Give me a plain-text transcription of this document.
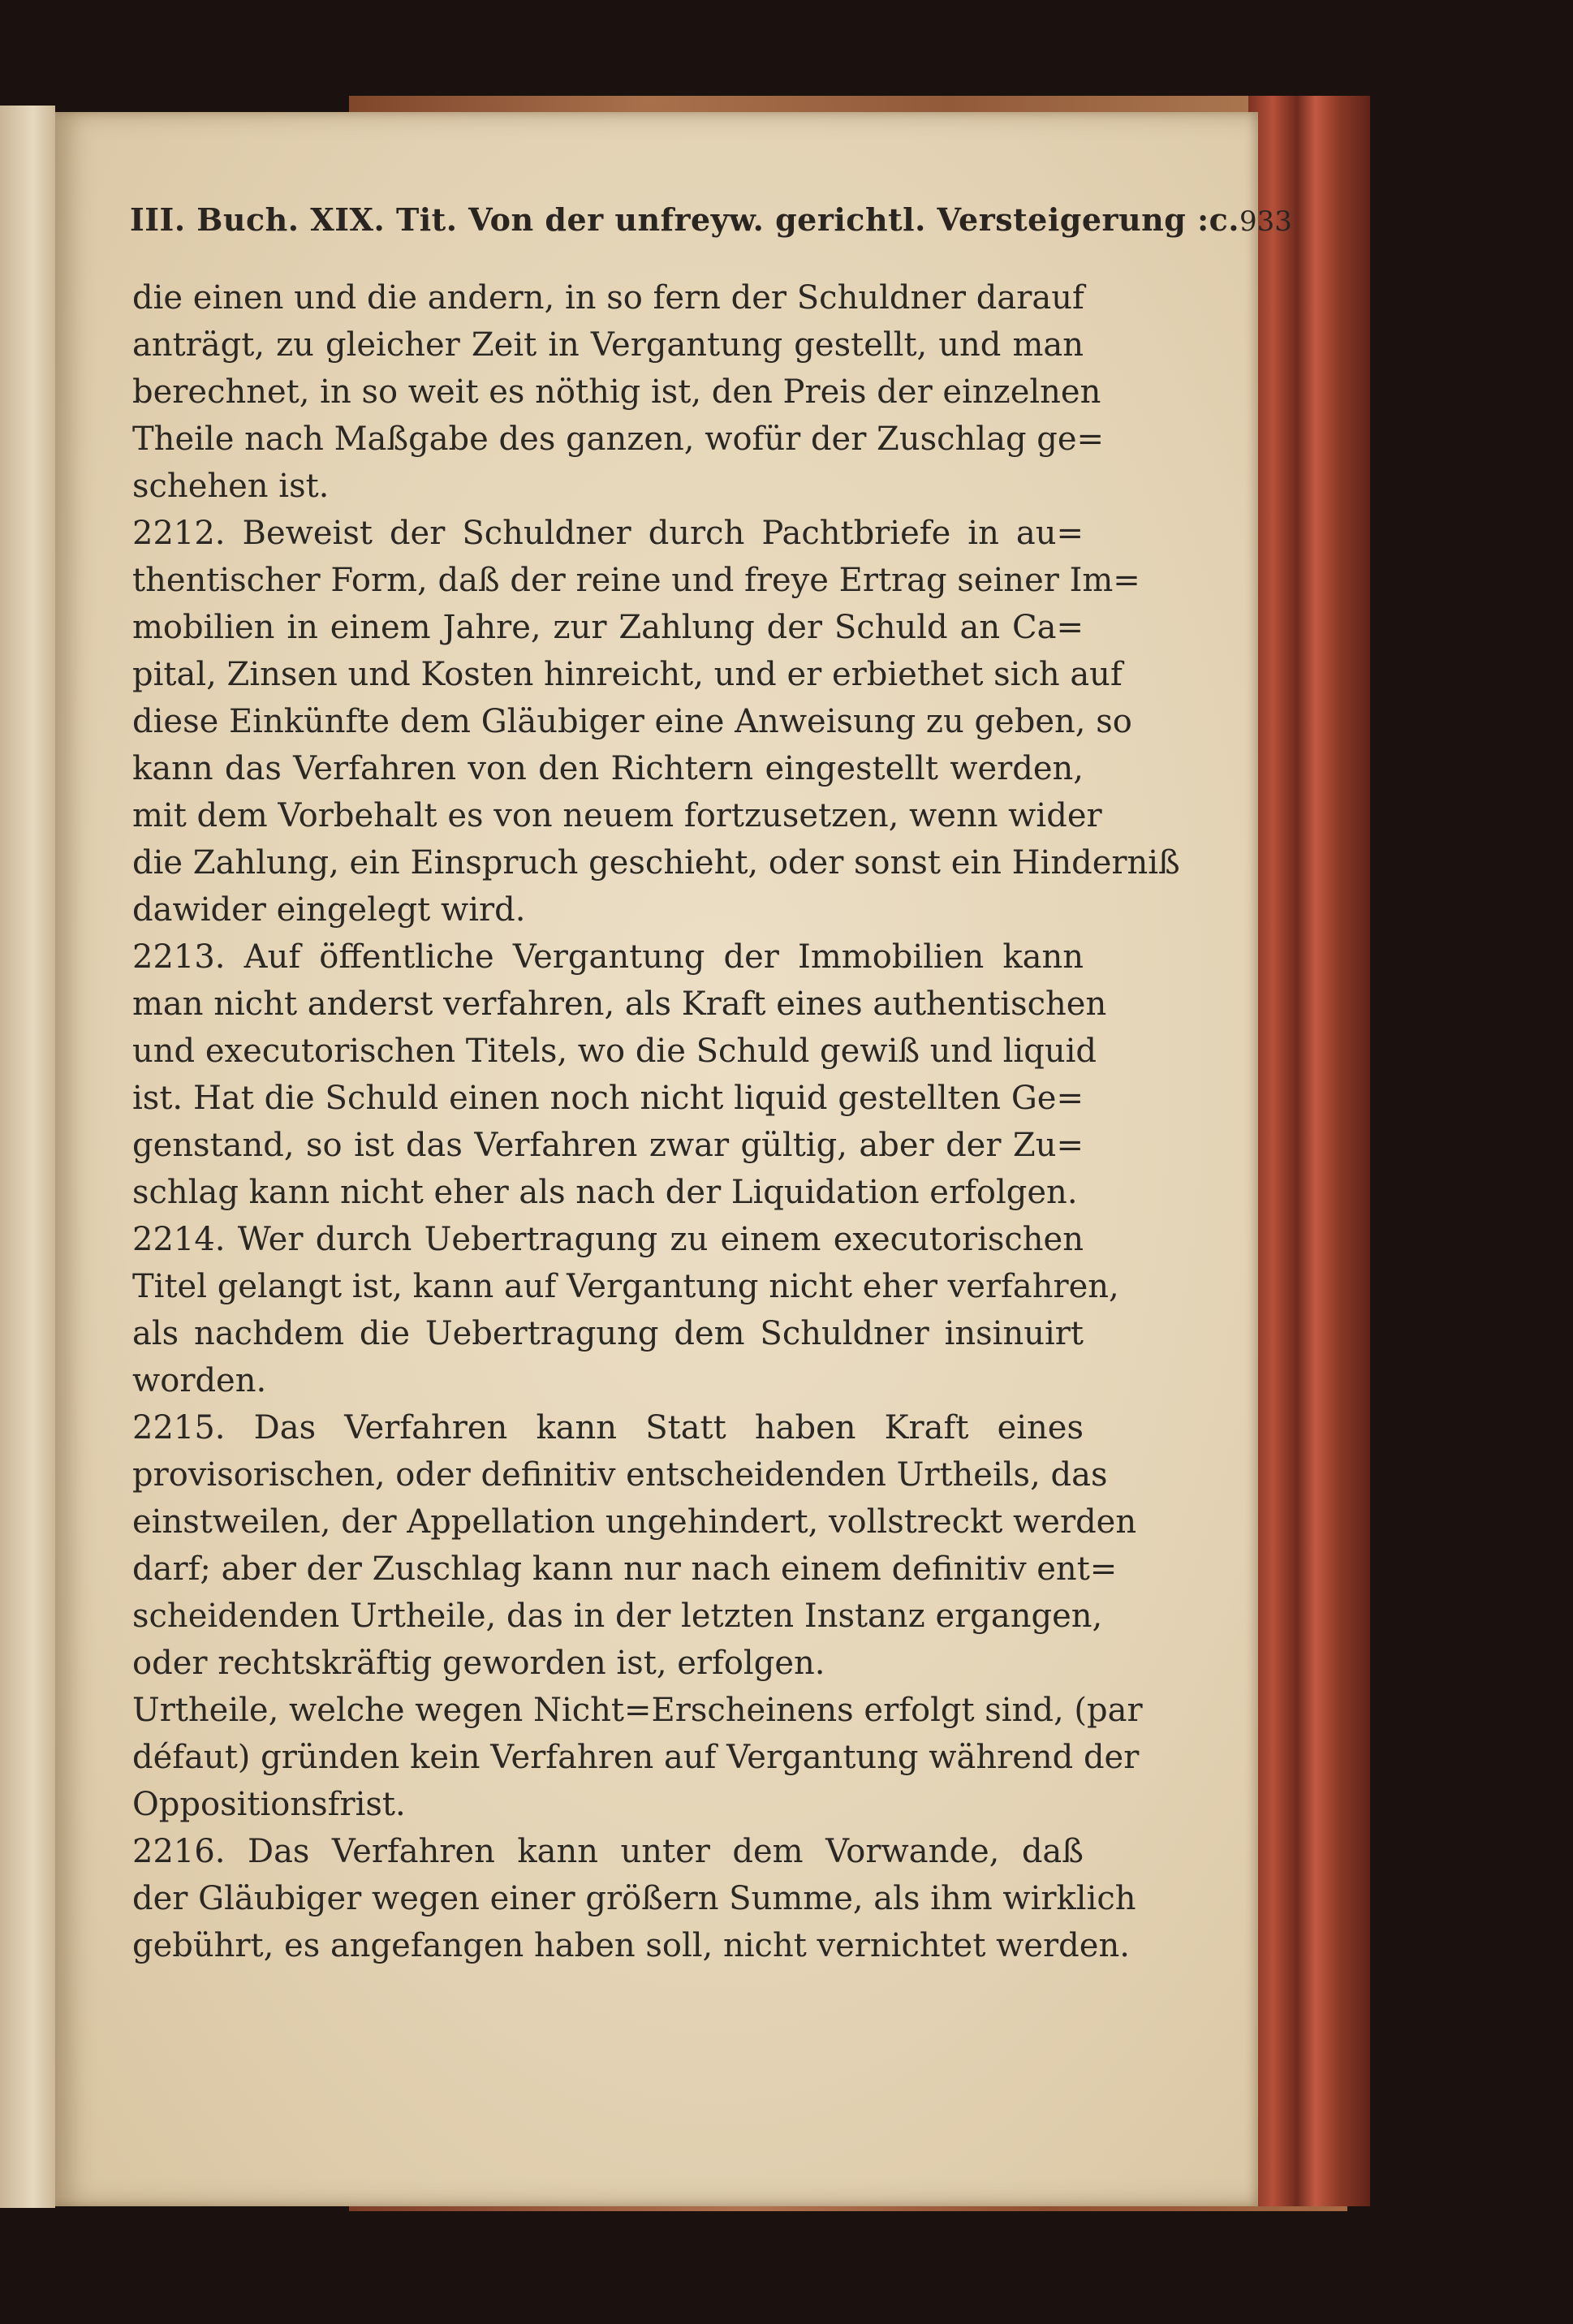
III. Buch. XIX. Tit. Von der unfreyw. gerichtl. Versteigerung :c. 933
die einen und die andern, in so fern der Schuldner darauf
anträgt, zu gleicher Zeit in Vergantung gestellt, und man
berechnet, in so weit es nöthig ist, den Preis der einzelnen
Theile nach Maßgabe des ganzen, wofür der Zuschlag ge=
schehen ist.
2212. Beweist der Schuldner durch Pachtbriefe in au=
thentischer Form, daß der reine und freye Ertrag seiner Im=
mobilien in einem Jahre, zur Zahlung der Schuld an Ca=
pital, Zinsen und Kosten hinreicht, und er erbiethet sich auf
diese Einkünfte dem Gläubiger eine Anweisung zu geben, so
kann das Verfahren von den Richtern eingestellt werden,
mit dem Vorbehalt es von neuem fortzusetzen, wenn wider
die Zahlung, ein Einspruch geschieht, oder sonst ein Hinderniß
dawider eingelegt wird.
2213. Auf öffentliche Vergantung der Immobilien kann
man nicht anderst verfahren, als Kraft eines authentischen
und executorischen Titels, wo die Schuld gewiß und liquid
ist. Hat die Schuld einen noch nicht liquid gestellten Ge=
genstand, so ist das Verfahren zwar gültig, aber der Zu=
schlag kann nicht eher als nach der Liquidation erfolgen.
2214. Wer durch Uebertragung zu einem executorischen
Titel gelangt ist, kann auf Vergantung nicht eher verfahren,
als nachdem die Uebertragung dem Schuldner insinuirt
worden.
2215. Das Verfahren kann Statt haben Kraft eines
provisorischen, oder definitiv entscheidenden Urtheils, das
einstweilen, der Appellation ungehindert, vollstreckt werden
darf; aber der Zuschlag kann nur nach einem definitiv ent=
scheidenden Urtheile, das in der letzten Instanz ergangen,
oder rechtskräftig geworden ist, erfolgen.
Urtheile, welche wegen Nicht=Erscheinens erfolgt sind, (par
défaut) gründen kein Verfahren auf Vergantung während der
Oppositionsfrist.
2216. Das Verfahren kann unter dem Vorwande, daß
der Gläubiger wegen einer größern Summe, als ihm wirklich
gebührt, es angefangen haben soll, nicht vernichtet werden.
